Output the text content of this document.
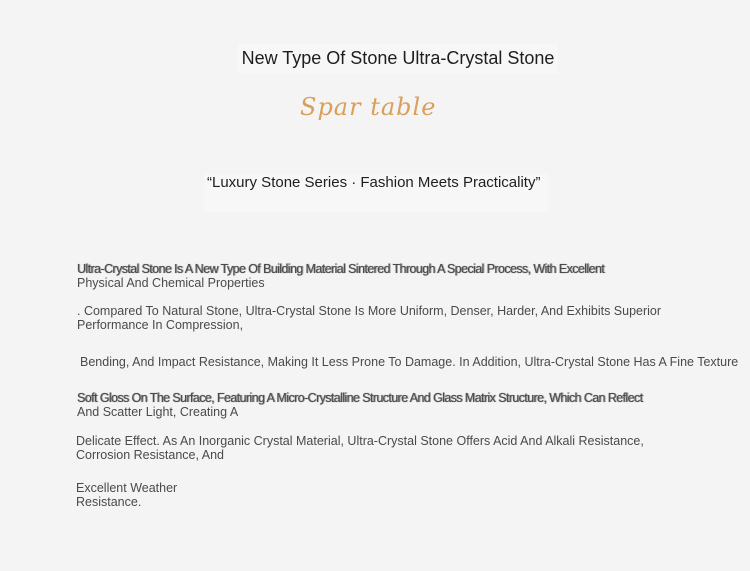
New Type Of Stone Ultra-Crystal Stone
Spar table
“Luxury Stone Series · Fashion Meets Practicality”
Ultra-Crystal Stone Is A New Type Of Building Material Sintered Through A Special Process, With Excellent
Physical And Chemical Properties
. Compared To Natural Stone, Ultra-Crystal Stone Is More Uniform, Denser, Harder, And Exhibits Superior Performance In Compression,
Bending, And Impact Resistance, Making It Less Prone To Damage. In Addition, Ultra-Crystal Stone Has A Fine Texture
Soft Gloss On The Surface, Featuring A Micro-Crystalline Structure And Glass Matrix Structure, Which Can Reflect
And Scatter Light, Creating A
Delicate Effect. As An Inorganic Crystal Material, Ultra-Crystal Stone Offers Acid And Alkali Resistance, Corrosion Resistance, And
Excellent Weather Resistance.
